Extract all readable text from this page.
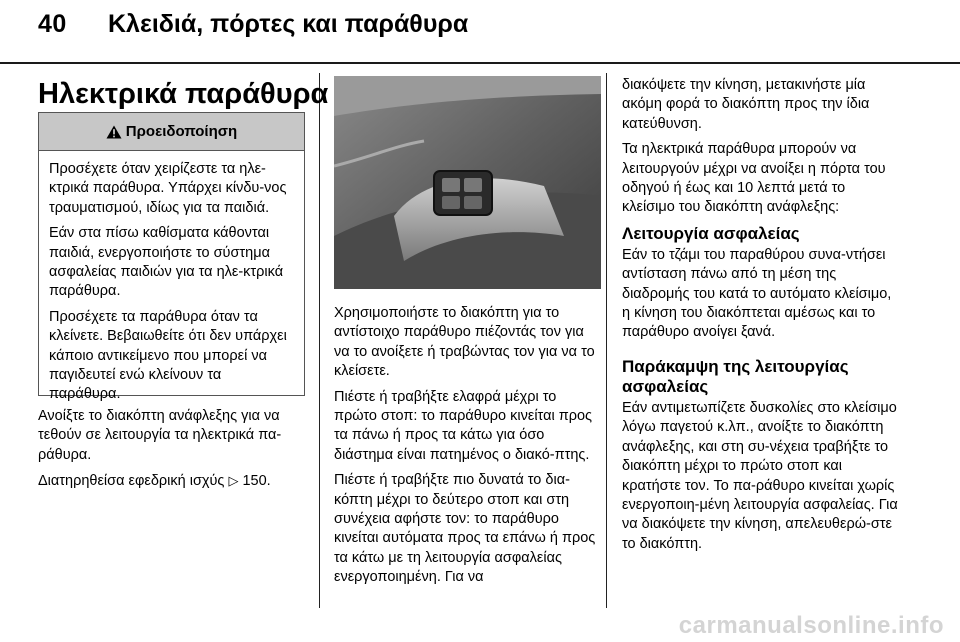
40 Κλειδιά, πόρτες και παράθυρα
Ηλεκτρικά παράθυρα
Προειδοποίηση

Προσέχετε όταν χειρίζεστε τα ηλε-κτρικά παράθυρα. Υπάρχει κίνδυ-νος τραυματισμού, ιδίως για τα παιδιά.

Εάν στα πίσω καθίσματα κάθονται παιδιά, ενεργοποιήστε το σύστημα ασφαλείας παιδιών για τα ηλε-κτρικά παράθυρα.

Προσέχετε τα παράθυρα όταν τα κλείνετε. Βεβαιωθείτε ότι δεν υπάρχει κάποιο αντικείμενο που μπορεί να παγιδευτεί ενώ κλείνουν τα παράθυρα.

Ανοίξτε το διακόπτη ανάφλεξης για να τεθούν σε λειτουργία τα ηλεκτρικά πα-ράθυρα.

Διατηρηθείσα εφεδρική ισχύς ▷ 150.

Χρησιμοποιήστε το διακόπτη για το αντίστοιχο παράθυρο πιέζοντάς τον για να το ανοίξετε ή τραβώντας τον για να το κλείσετε.

Πιέστε ή τραβήξτε ελαφρά μέχρι το πρώτο στοπ: το παράθυρο κινείται προς τα πάνω ή προς τα κάτω για όσο διάστημα είναι πατημένος ο διακό-πτης.

Πιέστε ή τραβήξτε πιο δυνατά το δια-κόπτη μέχρι το δεύτερο στοπ και στη συνέχεια αφήστε τον: το παράθυρο κινείται αυτόματα προς τα επάνω ή προς τα κάτω με τη λειτουργία ασφαλείας ενεργοποιημένη. Για να

διακόψετε την κίνηση, μετακινήστε μία ακόμη φορά το διακόπτη προς την ίδια κατεύθυνση.

Τα ηλεκτρικά παράθυρα μπορούν να λειτουργούν μέχρι να ανοίξει η πόρτα του οδηγού ή έως και 10 λεπτά μετά το κλείσιμο του διακόπτη ανάφλεξης:

Λειτουργία ασφαλείας

Εάν το τζάμι του παραθύρου συνα-ντήσει αντίσταση πάνω από τη μέση της διαδρομής του κατά το αυτόματο κλείσιμο, η κίνηση του διακόπτεται αμέσως και το παράθυρο ανοίγει ξανά.

Παράκαμψη της λειτουργίας ασφαλείας

Εάν αντιμετωπίζετε δυσκολίες στο κλείσιμο λόγω παγετού κ.λπ., ανοίξτε το διακόπτη ανάφλεξης, και στη συ-νέχεια τραβήξτε το διακόπτη μέχρι το πρώτο στοπ και κρατήστε τον. Το πα-ράθυρο κινείται χωρίς ενεργοποιη-μένη λειτουργία ασφαλείας. Για να διακόψετε την κίνηση, απελευθερώ-στε το διακόπτη.

carmanualsonline.info
